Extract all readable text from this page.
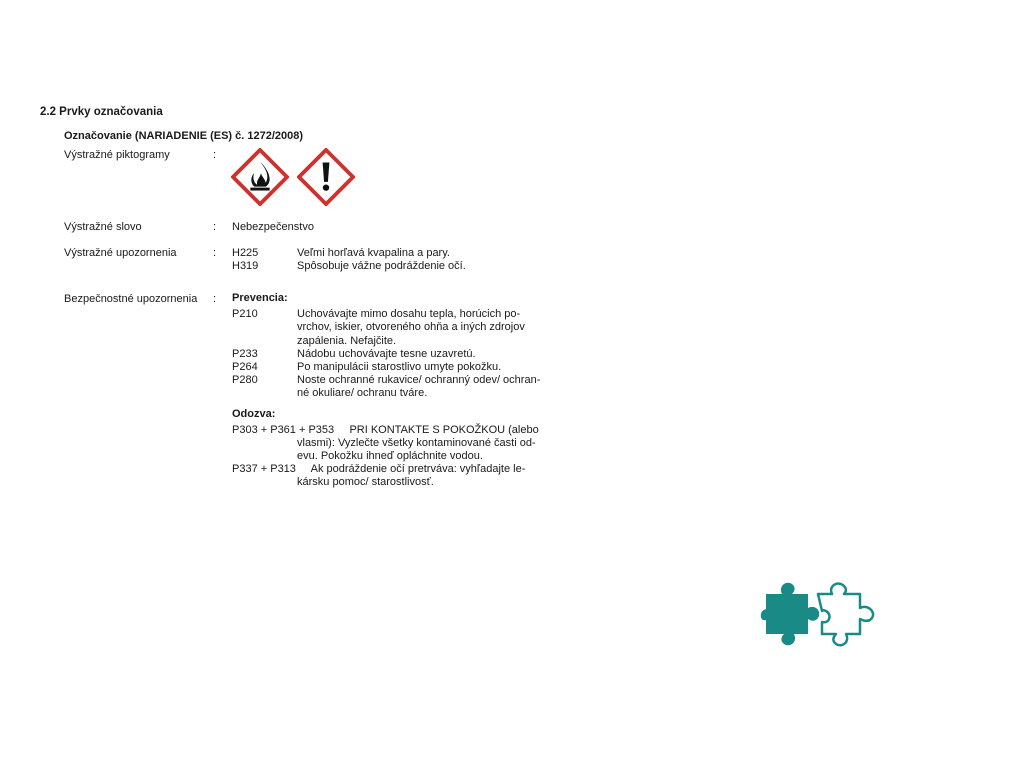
2.2 Prvky označovania
Označovanie (NARIADENIE (ES) č. 1272/2008)
Výstražné piktogramy	:
Výstražné slovo	: Nebezpečenstvo
Výstražné upozornenia	: H225	Veľmi horľavá kvapalina a pary.
H319	Spôsobuje vážne podráždenie očí.
Bezpečnostné upozornenia : Prevencia:
P210	Uchovávajte mimo dosahu tepla, horúcich po-
vrchov, iskier, otvoreného ohňa a iných zdrojov
zapálenia. Nefajčite.
P233	Nádobu uchovávajte tesne uzavretú.
P264	Po manipulácii starostlivo umyte pokožku.
P280	Noste ochranné rukavice/ ochranný odev/ ochran-
né okuliare/ ochranu tváre.
Odozva:
P303 + P361 + P353 PRI KONTAKTE S POKOŽKOU (alebo
vlasmi): Vyzlečte všetky kontaminované časti od-
evu. Pokožku ihneď opláchnite vodou.
P337 + P313 Ak podráždenie očí pretrváva: vyhľadajte le-
kársku pomoc/ starostlivosť.
